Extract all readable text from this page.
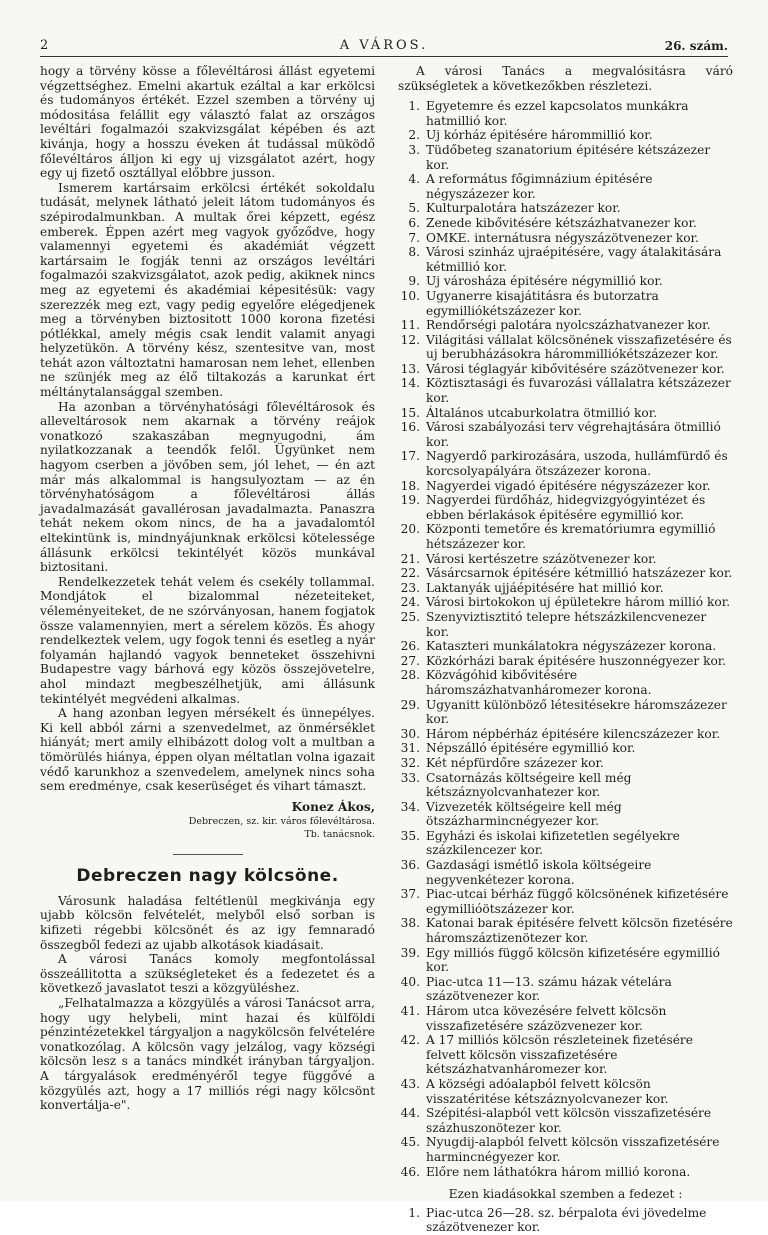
2	A VÁROS.	26. szám.

hogy a törvény kösse a főlevéltárosi állást egyetemi végzettséghez. Emelni akartuk ezáltal a kar erkölcsi és tudományos értékét. Ezzel szemben a törvény uj módositása felállit egy választó falat az országos levéltári fogalmazói szakvizsgálat képében és azt kivánja, hogy a hosszu éveken át tudással müködő főlevéltáros álljon ki egy uj vizsgálatot azért, hogy egy uj fizető osztállyal előbbre jusson.

Ismerem kartársaim erkölcsi értékét sokoldalu tudását, melynek látható jeleit látom tudományos és szépirodalmunkban. A multak őrei képzett, egész emberek. Éppen azért meg vagyok győződve, hogy valamennyi egyetemi és akadémiát végzett kartársaim le fogják tenni az országos levéltári fogalmazói szakvizsgálatot, azok pedig, akiknek nincs meg az egyetemi és akadémiai képesitésük: vagy szerezzék meg ezt, vagy pedig egyelőre elégedjenek meg a törvényben biztositott 1000 korona fizetési pótlékkal, amely mégis csak lendit valamit anyagi helyzetükön. A törvény kész, szentesitve van, most tehát azon változtatni hamarosan nem lehet, ellenben ne szünjék meg az élő tiltakozás a karunkat ért méltánytalansággal szemben.

Ha azonban a törvényhatósági főlevéltárosok és alleveltárosok nem akarnak a törvény reájok vonatkozó szakaszában megnyugodni, ám nyilatkozzanak a teendők felől. Ügyünket nem hagyom cserben a jövőben sem, jól lehet, — én azt már más alkalommal is hangsulyoztam — az én törvényhatóságom a főlevéltárosi állás javadalmazását gavallérosan javadalmazta. Panaszra tehát nekem okom nincs, de ha a javadalomtól eltekintünk is, mindnyájunknak erkölcsi kötelessége állásunk erkölcsi tekintélyét közös munkával biztositani.

Rendelkezzetek tehát velem és csekély tollammal. Mondjátok el bizalommal nézeteiteket, véleményeiteket, de ne szórványosan, hanem fogjatok össze valamennyien, mert a sérelem közös. És ahogy rendelkeztek velem, ugy fogok tenni és esetleg a nyár folyamán hajlandó vagyok benneteket összehivni Budapestre vagy bárhová egy közös összejövetelre, ahol mindazt megbeszélhetjük, ami állásunk tekintélyét megvédeni alkalmas.

A hang azonban legyen mérsékelt és ünnepélyes. Ki kell abból zárni a szenvedelmet, az önmérséklet hiányát; mert amily elhibázott dolog volt a multban a tömörülés hiánya, éppen olyan méltatlan volna igazait védő karunkhoz a szenvedelem, amelynek nincs soha sem eredménye, csak keserüséget és vihart támaszt.

Konez Ákos,

Debreczen, sz. kir. város főlevéltárosa.

Tb. tanácsnok.

Debreczen nagy kölcsöne.

Városunk haladása feltétlenül megkivánja egy ujabb kölcsön felvételét, melyből első sorban is kifizeti régebbi kölcsönét és az igy femnaradó összegből fedezi az ujabb alkotások kiadásait.

A városi Tanács komoly megfontolással összeállitotta a szükségleteket és a fedezetet és a következő javaslatot teszi a közgyüléshez.

„Felhatalmazza a közgyülés a városi Tanácsot arra, hogy ugy helybeli, mint hazai és külföldi pénzintézetekkel tárgyaljon a nagykölcsön felvételére vonatkozólag. A kölcsön vagy jelzálog, vagy községi kölcsön lesz s a tanács mindkét irányban tárgyaljon. A tárgyalások eredményéről tegye függővé a közgyülés azt, hogy a 17 milliós régi nagy kölcsönt konvertálja-e".

A városi Tanács a megvalósitásra váró szükségletek a következőkben részletezi.

1. Egyetemre és ezzel kapcsolatos munkákra hatmillió kor.
2. Uj kórház épitésére hárommillió kor.
3. Tüdőbeteg szanatorium épitésére kétszázezer kor.
4. A református főgimnázium épitésére négyszázezer kor.
5. Kulturpalotára hatszázezer kor.
6. Zenede kibővitésére kétszázhatvanezer kor.
7. OMKE. internátusra négyszázötvenezer kor.
8. Városi szinház ujraépitésére, vagy átalakitására kétmillió kor.
9. Uj városháza épitésére négymillió kor.
10. Ugyanerre kisajátitásra és butorzatra egymilliókétszázezer kor.
11. Rendőrségi palotára nyolcszázhatvanezer kor.
12. Világitási vállalat kölcsönének visszafizetésére és uj berubházásokra hárommilliókétszázezer kor.
13. Városi téglagyár kibővitésére százötvenezer kor.
14. Köztisztasági és fuvarozási vállalatra kétszázezer kor.
15. Általános utcaburkolatra ötmillió kor.
16. Városi szabályozási terv végrehajtására ötmillió kor.
17. Nagyerdő parkirozására, uszoda, hullámfürdő és korcsolyapályára ötszázezer korona.
18. Nagyerdei vigadó épitésére négyszázezer kor.
19. Nagyerdei fürdőház, hidegvizgyógyintézet és ebben bérlakások épitésére egymillió kor.
20. Központi temetőre és krematóriumra egymillió hétszázezer kor.
21. Városi kertészetre százötvenezer kor.
22. Vásárcsarnok épitésére kétmillió hatszázezer kor.
23. Laktanyák ujjáépitésére hat millió kor.
24. Városi birtokokon uj épületekre három millió kor.
25. Szenyviztisztitó telepre hétszázkilencvenezer kor.
26. Kataszteri munkálatokra négyszázezer korona.
27. Közkórházi barak épitésére huszonnégyezer kor.
28. Közvágóhid kibővitésére háromszázhatvanháromezer korona.
29. Ugyanitt különböző létesitésekre háromszázezer kor.
30. Három népbérház épitésére kilencszázezer kor.
31. Népszálló épitésére egymillió kor.
32. Két népfürdőre százezer kor.
33. Csatornázás költségeire kell még kétszáznyolcvanhatezer kor.
34. Vizvezeték költségeire kell még ötszázharmincnégyezer kor.
35. Egyházi és iskolai kifizetetlen segélyekre százkilencezer kor.
36. Gazdasági ismétlő iskola költségeire negyvenkétezer korona.
37. Piac-utcai bérház függő kölcsönének kifizetésére egymillióötszázezer kor.
38. Katonai barak épitésére felvett kölcsön fizetésére háromszáztizenötezer kor.
39. Egy milliós függő kölcsön kifizetésére egymillió kor.
40. Piac-utca 11—13. számu házak vételára százötvenezer kor.
41. Három utca kövezésére felvett kölcsön visszafizetésére százözvenezer kor.
42. A 17 milliós kölcsön részleteinek fizetésére felvett kölcsön visszafizetésére kétszázhatvanháromezer kor.
43. A községi adóalapból felvett kölcsön visszatéritése kétszáznyolcvanezer kor.
44. Szépitési-alapból vett kölcsön visszafizetésére százhuszonötezer kor.
45. Nyugdij-alapból felvett kölcsön visszafizetésére harmincnégyezer kor.
46. Előre nem láthatókra három millió korona.

Ezen kiadásokkal szemben a fedezet :

1. Piac-utca 26—28. sz. bérpalota évi jövedelme százötvenezer kor.
